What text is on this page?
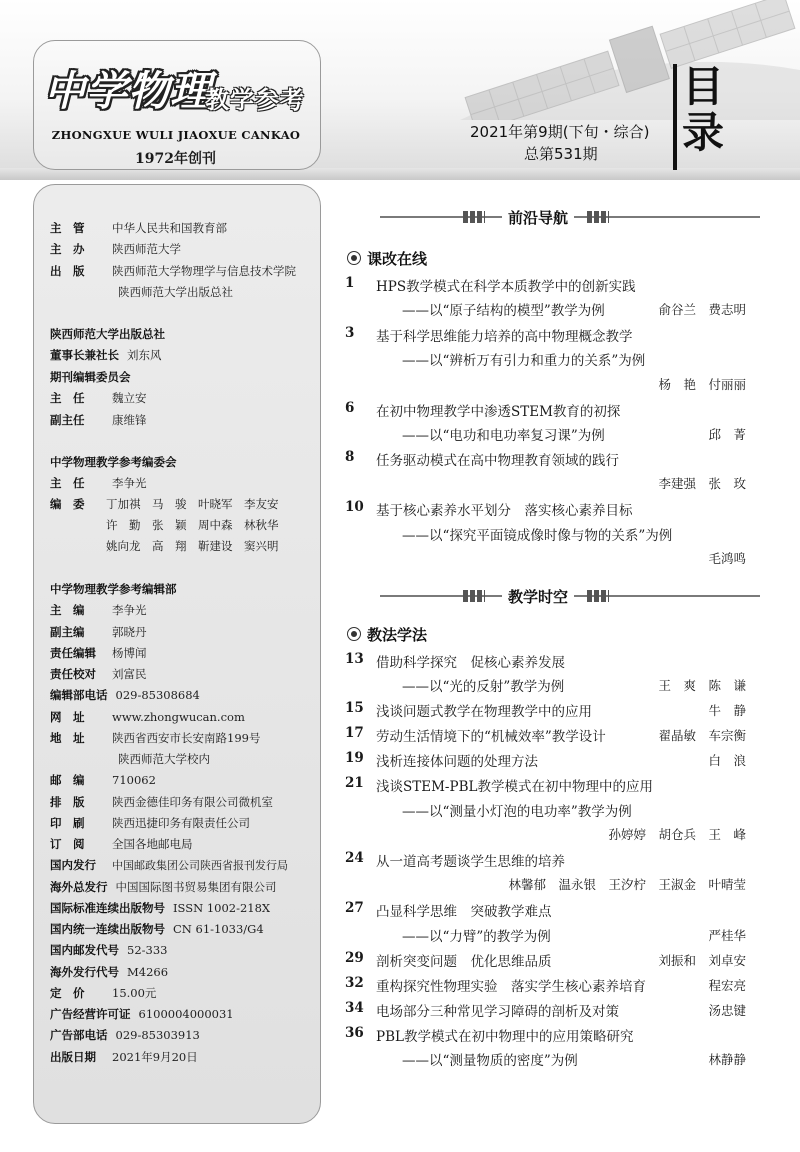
中学物理
教学参考
ZHONGXUE WULI JIAOXUE CANKAO
1972年创刊
2021年第9期(下旬・综合)
总第531期
目
录
主　管 中华人民共和国教育部
主　办 陕西师范大学
出　版 陕西师范大学物理学与信息技术学院
陕西师范大学出版总社
陕西师范大学出版总社
董事长兼社长 刘东风
期刊编辑委员会
主　任 魏立安
副主任 康维锋
中学物理教学参考编委会
主　任 李争光
编　委	丁加祺　马　骏　叶晓军　李友安
许　勤　张　颖　周中森　林秋华
姚向龙　高　翔　靳建设　窦兴明
中学物理教学参考编辑部
主　编 李争光
副主编 郭晓丹
责任编辑 杨博闻
责任校对 刘富民
编辑部电话 029-85308684
网　址 www.zhongwucan.com
地　址 陕西省西安市长安南路199号
陕西师范大学校内
邮　编 710062
排　版 陕西金德佳印务有限公司微机室
印　刷 陕西迅捷印务有限责任公司
订　阅 全国各地邮电局
国内发行 中国邮政集团公司陕西省报刊发行局
海外总发行 中国国际图书贸易集团有限公司
国际标准连续出版物号 ISSN 1002-218X
国内统一连续出版物号 CN 61-1033/G4
国内邮发代号 52-333
海外发行代号 M4266
定　价 15.00元
广告经营许可证 6100004000031
广告部电话 029-85303913
出版日期 2021年9月20日
前沿导航
课改在线
1 HPS教学模式在科学本质教学中的创新实践
——以“原子结构的模型”教学为例	俞谷兰　费志明
3 基于科学思维能力培养的高中物理概念教学
——以“辨析万有引力和重力的关系”为例
杨　艳　付丽丽
6 在初中物理教学中渗透STEM教育的初探
——以“电功和电功率复习课”为例	邱　菁
8 任务驱动模式在高中物理教育领域的践行
李建强　张　玫
10 基于核心素养水平划分　落实核心素养目标
——以“探究平面镜成像时像与物的关系”为例
毛鸿鸣
教学时空
教法学法
13 借助科学探究　促核心素养发展
——以“光的反射”教学为例	王　爽　陈　谦
15 浅谈问题式教学在物理教学中的应用	牛　静
17 劳动生活情境下的“机械效率”教学设计	翟晶敏　车宗衡
19 浅析连接体问题的处理方法	白　浪
21 浅谈STEM-PBL教学模式在初中物理中的应用
——以“测量小灯泡的电功率”教学为例
孙婷婷　胡仓兵　王　峰
24 从一道高考题谈学生思维的培养
林馨郁　温永银　王汐柠　王淑金　叶晴莹
27 凸显科学思维　突破教学难点
——以“力臂”的教学为例	严桂华
29 剖析突变问题　优化思维品质	刘振和　刘卓安
32 重构探究性物理实验　落实学生核心素养培育	程宏亮
34 电场部分三种常见学习障碍的剖析及对策	汤忠键
36 PBL教学模式在初中物理中的应用策略研究
——以“测量物质的密度”为例	林静静
